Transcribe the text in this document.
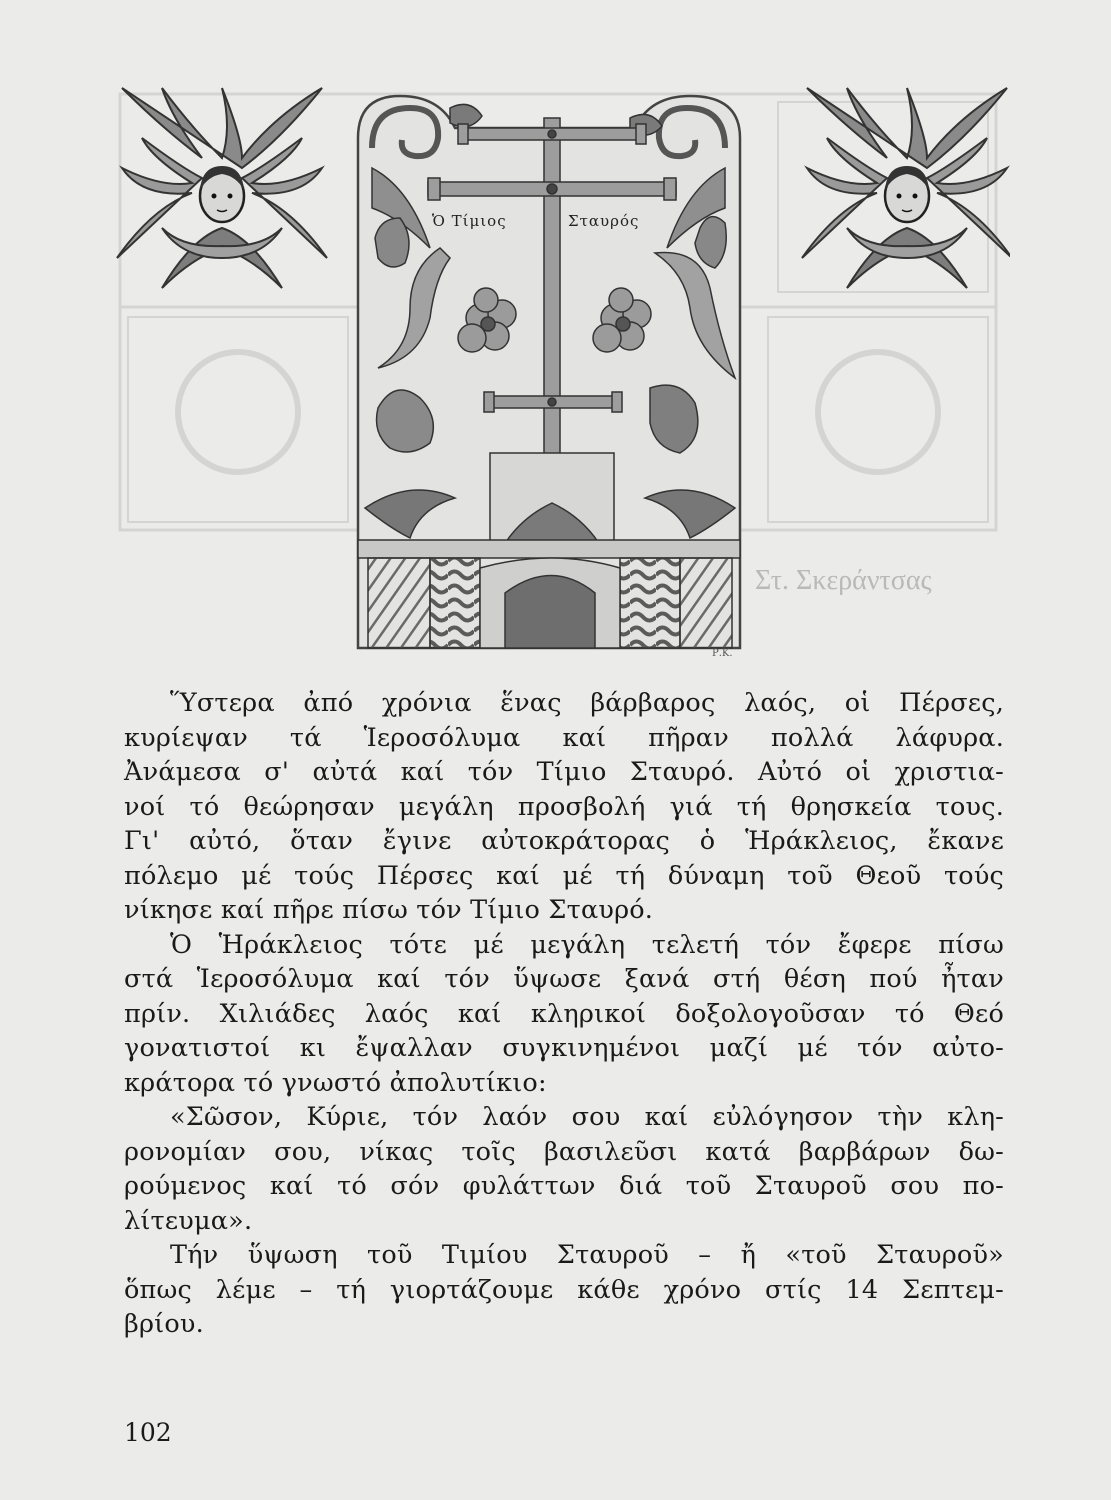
Στ. Σκεράντσας
Ὁ Τίμιος	Σταυρός
Ρ.Κ.
Ὕστερα ἀπό χρόνια ἕνας βάρβαρος λαός, οἱ Πέρσες,
κυρίεψαν τά Ἱεροσόλυμα καί πῆραν πολλά λάφυρα.
Ἀνάμεσα σ' αὐτά καί τόν Τίμιο Σταυρό. Αὐτό οἱ χριστια-
νοί τό θεώρησαν μεγάλη προσβολή γιά τή θρησκεία τους.
Γι' αὐτό, ὅταν ἔγινε αὐτοκράτορας ὁ Ἡράκλειος, ἔκανε
πόλεμο μέ τούς Πέρσες καί μέ τή δύναμη τοῦ Θεοῦ τούς
νίκησε καί πῆρε πίσω τόν Τίμιο Σταυρό.
Ὁ Ἡράκλειος τότε μέ μεγάλη τελετή τόν ἔφερε πίσω
στά Ἱεροσόλυμα καί τόν ὕψωσε ξανά στή θέση πού ἦταν
πρίν. Χιλιάδες λαός καί κληρικοί δοξολογοῦσαν τό Θεό
γονατιστοί κι ἔψαλλαν συγκινημένοι μαζί μέ τόν αὐτο-
κράτορα τό γνωστό ἀπολυτίκιο:
«Σῶσον, Κύριε, τόν λαόν σου καί εὐλόγησον τὴν κλη-
ρονομίαν σου, νίκας τοῖς βασιλεῦσι κατά βαρβάρων δω-
ρούμενος καί τό σόν φυλάττων διά τοῦ Σταυροῦ σου πο-
λίτευμα».
Τήν ὕψωση τοῦ Τιμίου Σταυροῦ – ἤ «τοῦ Σταυροῦ»
ὅπως λέμε – τή γιορτάζουμε κάθε χρόνο στίς 14 Σεπτεμ-
βρίου.
102
